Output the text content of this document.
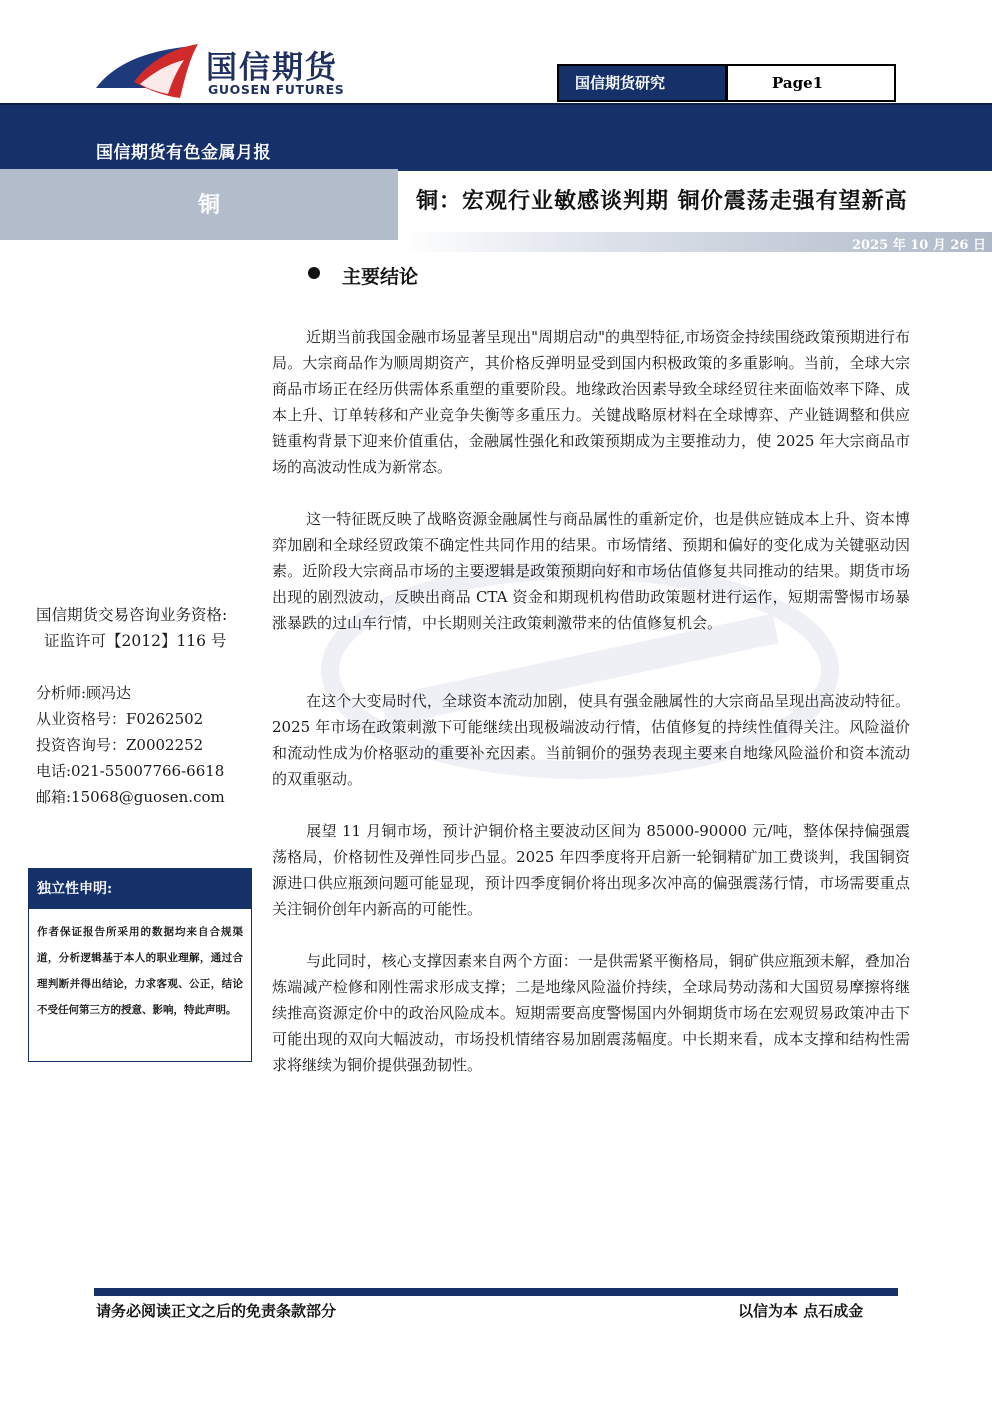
国信期货
GUOSEN FUTURES	国信期货研究	Page1
国信期货有色金属月报
铜	铜：宏观行业敏感谈判期 铜价震荡走强有望新高
2025 年 10 月 26 日
主要结论

近期当前我国金融市场显著呈现出"周期启动"的典型特征,市场资金持续围绕政策预期进行布局。大宗商品作为顺周期资产，其价格反弹明显受到国内积极政策的多重影响。当前，全球大宗商品市场正在经历供需体系重塑的重要阶段。地缘政治因素导致全球经贸往来面临效率下降、成本上升、订单转移和产业竞争失衡等多重压力。关键战略原材料在全球博弈、产业链调整和供应链重构背景下迎来价值重估，金融属性强化和政策预期成为主要推动力，使 2025 年大宗商品市场的高波动性成为新常态。

这一特征既反映了战略资源金融属性与商品属性的重新定价，也是供应链成本上升、资本博弈加剧和全球经贸政策不确定性共同作用的结果。市场情绪、预期和偏好的变化成为关键驱动因素。近阶段大宗商品市场的主要逻辑是政策预期向好和市场估值修复共同推动的结果。期货市场出现的剧烈波动，反映出商品 CTA 资金和期现机构借助政策题材进行运作，短期需警惕市场暴涨暴跌的过山车行情，中长期则关注政策刺激带来的估值修复机会。

在这个大变局时代，全球资本流动加剧，使具有强金融属性的大宗商品呈现出高波动特征。2025 年市场在政策刺激下可能继续出现极端波动行情，估值修复的持续性值得关注。风险溢价和流动性成为价格驱动的重要补充因素。当前铜价的强势表现主要来自地缘风险溢价和资本流动的双重驱动。

展望 11 月铜市场，预计沪铜价格主要波动区间为 85000-90000 元/吨，整体保持偏强震荡格局，价格韧性及弹性同步凸显。2025 年四季度将开启新一轮铜精矿加工费谈判，我国铜资源进口供应瓶颈问题可能显现，预计四季度铜价将出现多次冲高的偏强震荡行情，市场需要重点关注铜价创年内新高的可能性。

与此同时，核心支撑因素来自两个方面：一是供需紧平衡格局，铜矿供应瓶颈未解，叠加冶炼端减产检修和刚性需求形成支撑；二是地缘风险溢价持续，全球局势动荡和大国贸易摩擦将继续推高资源定价中的政治风险成本。短期需要高度警惕国内外铜期货市场在宏观贸易政策冲击下可能出现的双向大幅波动，市场投机情绪容易加剧震荡幅度。中长期来看，成本支撑和结构性需求将继续为铜价提供强劲韧性。

国信期货交易咨询业务资格:
证监许可【2012】116 号
分析师:顾冯达
从业资格号：F0262502
投资咨询号：Z0002252
电话:021-55007766-6618
邮箱:15068@guosen.com
独立性申明:
作者保证报告所采用的数据均来自合规渠道，分析逻辑基于本人的职业理解，通过合理判断并得出结论，力求客观、公正，结论不受任何第三方的授意、影响，特此声明。
请务必阅读正文之后的免责条款部分	以信为本 点石成金
